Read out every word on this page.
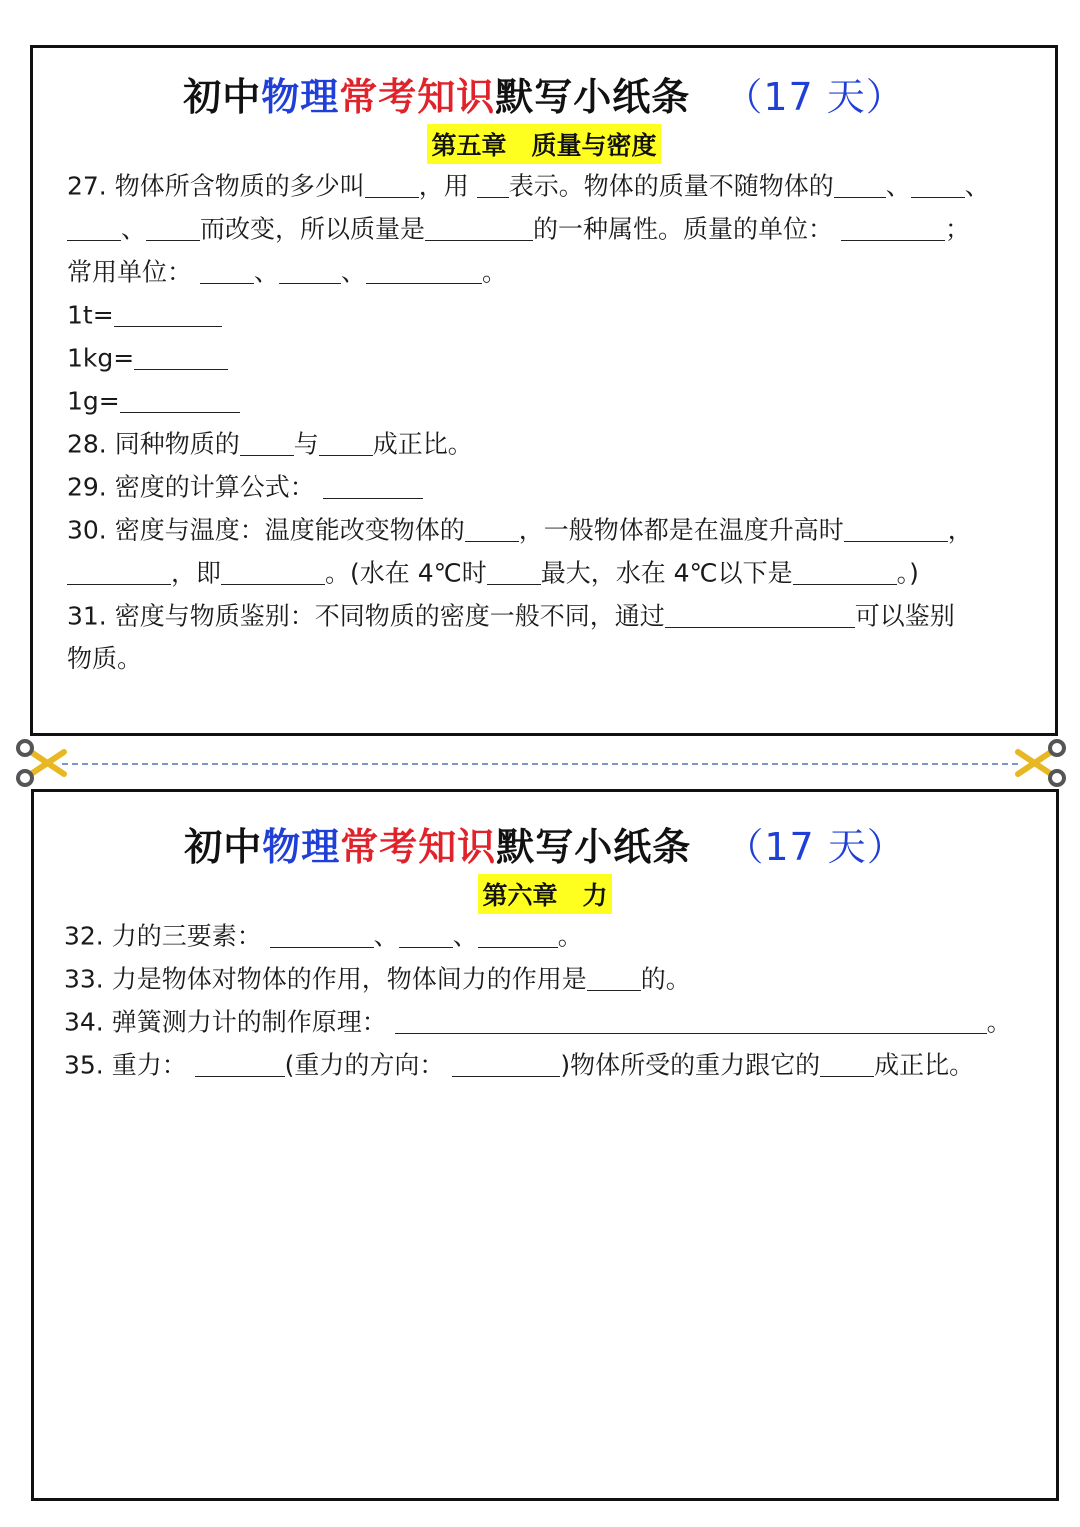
初中物理常考知识默写小纸条 （17 天）
第五章　质量与密度
27. 物体所含物质的多少叫 ，用 表示。物体的质量不随物体的 、 、
、 而改变，所以质量是	的一种属性。质量的单位：	；
常用单位： 、 、	。
1t=
1kg=
1g=
28. 同种物质的 与 成正比。
29. 密度的计算公式：
30. 密度与温度：温度能改变物体的 ，一般物体都是在温度升高时	，
，即	。(水在 4℃时 最大，水在 4℃以下是	。)
31. 密度与物质鉴别：不同物质的密度一般不同，通过	可以鉴别
物质。
初中物理常考知识默写小纸条 （17 天）
第六章　力
32. 力的三要素：	、 、	。
33. 力是物体对物体的作用，物体间力的作用是 的。
34. 弹簧测力计的制作原理：	。
35. 重力：	(重力的方向：	)物体所受的重力跟它的 成正比。
